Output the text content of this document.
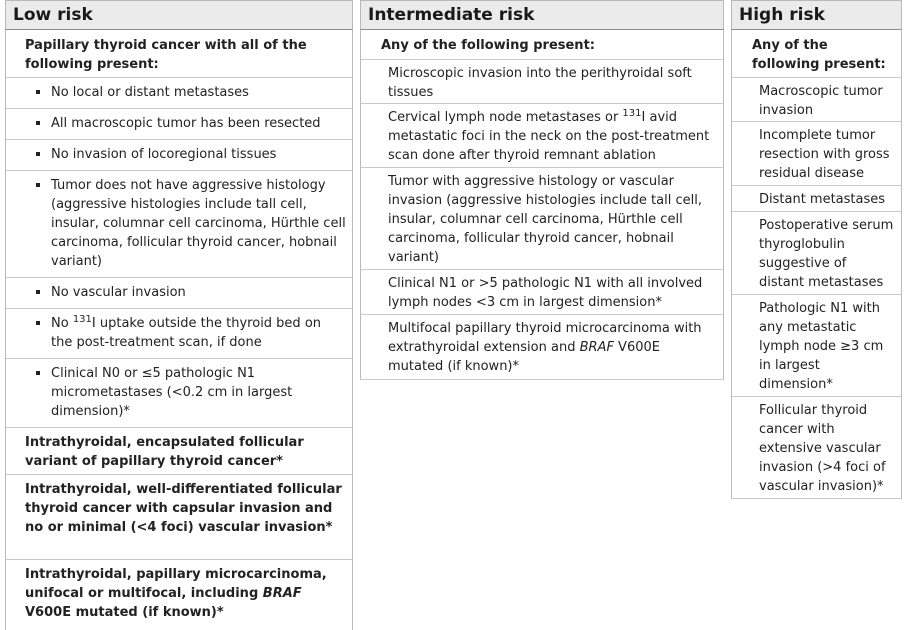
Low risk
Papillary thyroid cancer with all of the following present:
No local or distant metastases
All macroscopic tumor has been resected
No invasion of locoregional tissues
Tumor does not have aggressive histology (aggressive histologies include tall cell, insular, columnar cell carcinoma, Hürthle cell carcinoma, follicular thyroid cancer, hobnail variant)
No vascular invasion
No $^{131}$I uptake outside the thyroid bed on the post-treatment scan, if done
Clinical N0 or ≤5 pathologic N1 micrometastases (<0.2 cm in largest dimension)*
Intrathyroidal, encapsulated follicular variant of papillary thyroid cancer*
Intrathyroidal, well-differentiated follicular thyroid cancer with capsular invasion and no or minimal (<4 foci) vascular invasion*
Intrathyroidal, papillary microcarcinoma, unifocal or multifocal, including BRAF V600E mutated (if known)*
Intermediate risk
Any of the following present:
Microscopic invasion into the perithyroidal soft tissues
Cervical lymph node metastases or $^{131}$I avid metastatic foci in the neck on the post-treatment scan done after thyroid remnant ablation
Tumor with aggressive histology or vascular invasion (aggressive histologies include tall cell, insular, columnar cell carcinoma, Hürthle cell carcinoma, follicular thyroid cancer, hobnail variant)
Clinical N1 or >5 pathologic N1 with all involved lymph nodes <3 cm in largest dimension*
Multifocal papillary thyroid microcarcinoma with extrathyroidal extension and BRAF V600E mutated (if known)*
High risk
Any of the following present:
Macroscopic tumor invasion
Incomplete tumor resection with gross residual disease
Distant metastases
Postoperative serum thyroglobulin suggestive of distant metastases
Pathologic N1 with any metastatic lymph node ≥3 cm in largest dimension*
Follicular thyroid cancer with extensive vascular invasion (>4 foci of vascular invasion)*
